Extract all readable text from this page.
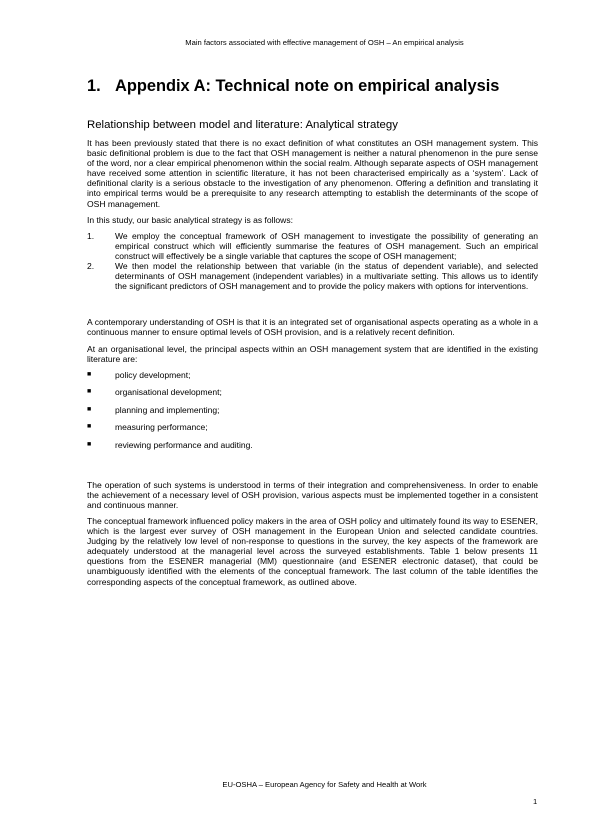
Main factors associated with effective management of OSH – An empirical analysis
1. Appendix A: Technical note on empirical analysis
Relationship between model and literature: Analytical strategy

It has been previously stated that there is no exact definition of what constitutes an OSH management system. This basic definitional problem is due to the fact that OSH management is neither a natural phenomenon in the pure sense of the word, nor a clear empirical phenomenon within the social realm. Although separate aspects of OSH management have received some attention in scientific literature, it has not been characterised empirically as a ‘system’. Lack of definitional clarity is a serious obstacle to the investigation of any phenomenon. Offering a definition and translating it into empirical terms would be a prerequisite to any research attempting to establish the determinants of the scope of OSH management.

In this study, our basic analytical strategy is as follows:

1.	We employ the conceptual framework of OSH management to investigate the possibility of generating an empirical construct which will efficiently summarise the features of OSH management. Such an empirical construct will effectively be a single variable that captures the scope of OSH management;
2.	We then model the relationship between that variable (in the status of dependent variable), and selected determinants of OSH management (independent variables) in a multivariate setting. This allows us to identify the significant predictors of OSH management and to provide the policy makers with options for interventions.

A contemporary understanding of OSH is that it is an integrated set of organisational aspects operating as a whole in a continuous manner to ensure optimal levels of OSH provision, and is a relatively recent definition.

At an organisational level, the principal aspects within an OSH management system that are identified in the existing literature are:

■	policy development;
■	organisational development;
■	planning and implementing;
■	measuring performance;
■	reviewing performance and auditing.

The operation of such systems is understood in terms of their integration and comprehensiveness. In order to enable the achievement of a necessary level of OSH provision, various aspects must be implemented together in a consistent and continuous manner.

The conceptual framework influenced policy makers in the area of OSH policy and ultimately found its way to ESENER, which is the largest ever survey of OSH management in the European Union and selected candidate countries. Judging by the relatively low level of non-response to questions in the survey, the key aspects of the framework are adequately understood at the managerial level across the surveyed establishments. Table 1 below presents 11 questions from the ESENER managerial (MM) questionnaire (and ESENER electronic dataset), that could be unambiguously identified with the elements of the conceptual framework. The last column of the table identifies the corresponding aspects of the conceptual framework, as outlined above.

EU-OSHA – European Agency for Safety and Health at Work
1
